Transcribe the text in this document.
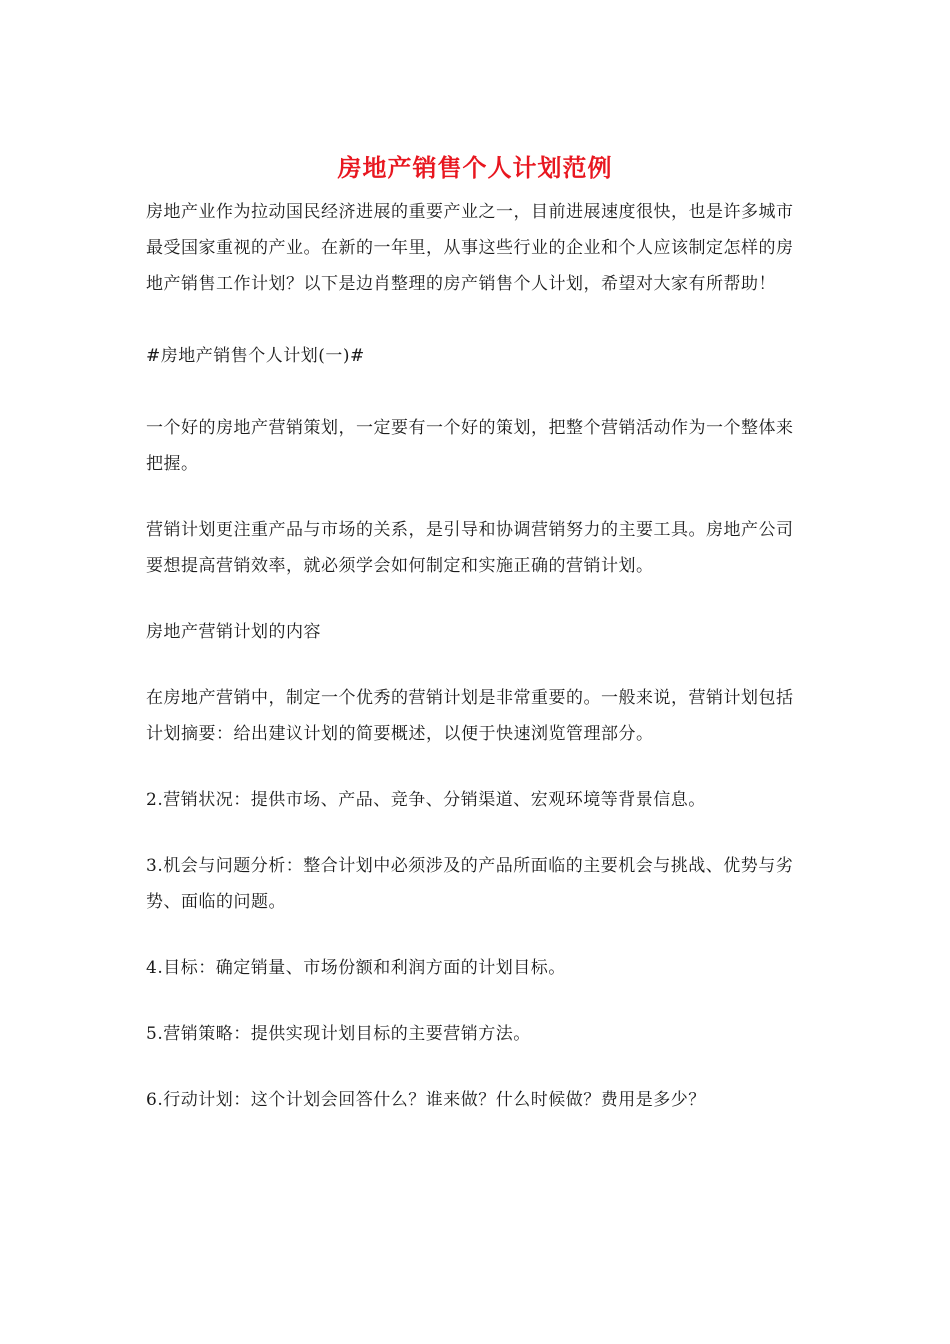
房地产销售个人计划范例

房地产业作为拉动国民经济进展的重要产业之一，目前进展速度很快，也是许多城市最受国家重视的产业。在新的一年里，从事这些行业的企业和个人应该制定怎样的房地产销售工作计划？以下是边肖整理的房产销售个人计划，希望对大家有所帮助！

#房地产销售个人计划(一)#

一个好的房地产营销策划，一定要有一个好的策划，把整个营销活动作为一个整体来把握。

营销计划更注重产品与市场的关系，是引导和协调营销努力的主要工具。房地产公司要想提高营销效率，就必须学会如何制定和实施正确的营销计划。

房地产营销计划的内容

在房地产营销中，制定一个优秀的营销计划是非常重要的。一般来说，营销计划包括计划摘要：给出建议计划的简要概述，以便于快速浏览管理部分。

2.营销状况：提供市场、产品、竞争、分销渠道、宏观环境等背景信息。

3.机会与问题分析：整合计划中必须涉及的产品所面临的主要机会与挑战、优势与劣势、面临的问题。

4.目标：确定销量、市场份额和利润方面的计划目标。

5.营销策略：提供实现计划目标的主要营销方法。

6.行动计划：这个计划会回答什么？谁来做？什么时候做？费用是多少？
